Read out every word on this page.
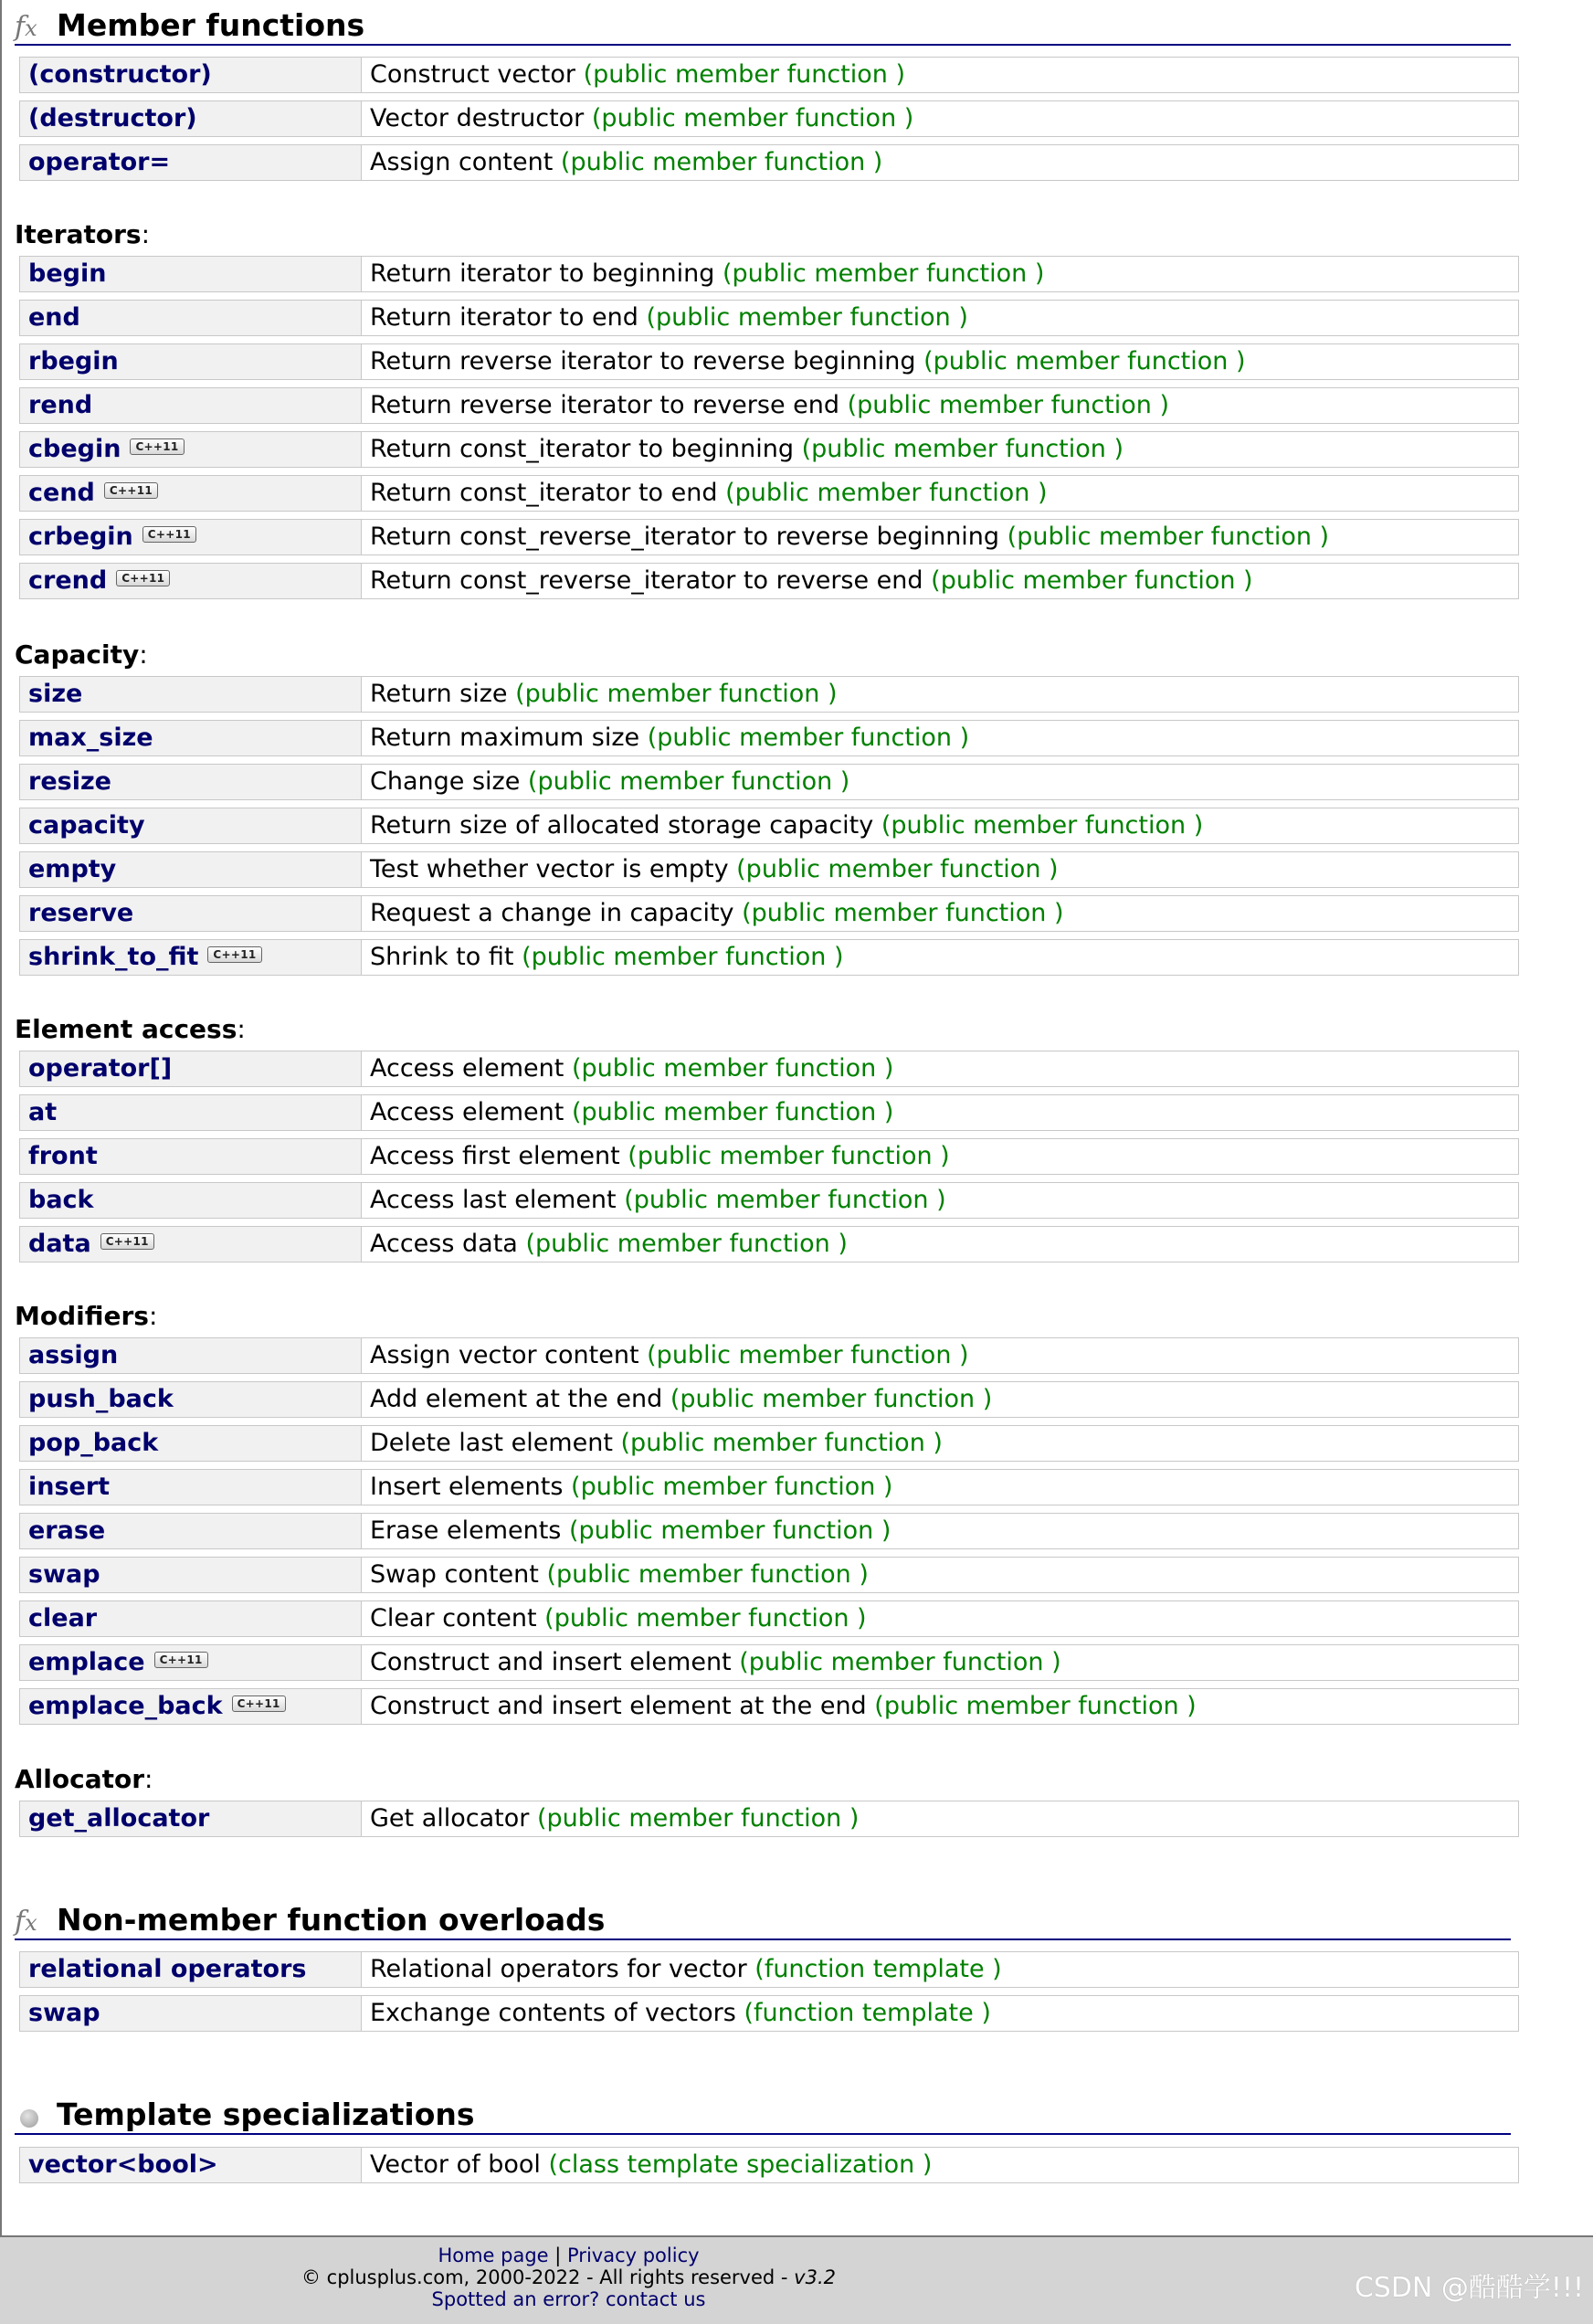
fx Member functions
(constructor)	Construct vector (public member function )
(destructor)	Vector destructor (public member function )
operator=	Assign content (public member function )
Iterators:
begin	Return iterator to beginning (public member function )
end	Return iterator to end (public member function )
rbegin	Return reverse iterator to reverse beginning (public member function )
rend	Return reverse iterator to reverse end (public member function )
cbegin C++11	Return const_iterator to beginning (public member function )
cend C++11	Return const_iterator to end (public member function )
crbegin C++11	Return const_reverse_iterator to reverse beginning (public member function )
crend C++11	Return const_reverse_iterator to reverse end (public member function )
Capacity:
size	Return size (public member function )
max_size	Return maximum size (public member function )
resize	Change size (public member function )
capacity	Return size of allocated storage capacity (public member function )
empty	Test whether vector is empty (public member function )
reserve	Request a change in capacity (public member function )
shrink_to_fit C++11	Shrink to fit (public member function )
Element access:
operator[]	Access element (public member function )
at	Access element (public member function )
front	Access first element (public member function )
back	Access last element (public member function )
data C++11	Access data (public member function )
Modifiers:
assign	Assign vector content (public member function )
push_back	Add element at the end (public member function )
pop_back	Delete last element (public member function )
insert	Insert elements (public member function )
erase	Erase elements (public member function )
swap	Swap content (public member function )
clear	Clear content (public member function )
emplace C++11	Construct and insert element (public member function )
emplace_back C++11	Construct and insert element at the end (public member function )
Allocator:
get_allocator	Get allocator (public member function )
fx Non-member function overloads
relational operators	Relational operators for vector (function template )
swap	Exchange contents of vectors (function template )
Template specializations
vector<bool>	Vector of bool (class template specialization )
Home page | Privacy policy
© cplusplus.com, 2000-2022 - All rights reserved - v3.2
Spotted an error? contact us	CSDN @酷酷学!!!
